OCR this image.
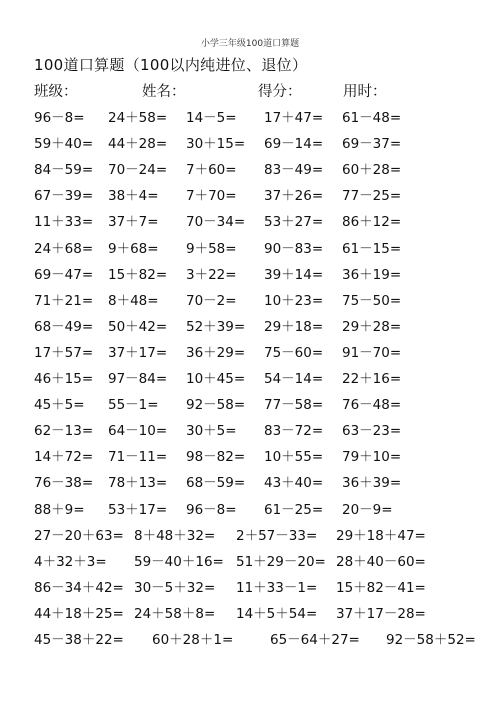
小学三年级100道口算题
100道口算题（100以内纯进位、退位）
班级：	姓名：	得分：	用时：
96－8= 24＋58= 14－5= 17＋47= 61－48=
59＋40= 44＋28= 30＋15= 69－14= 69－37=
84－59= 70－24= 7＋60= 83－49= 60＋28=
67－39= 38＋4= 7＋70= 37＋26= 77－25=
11＋33= 37＋7= 70－34= 53＋27= 86＋12=
24＋68= 9＋68= 9＋58= 90－83= 61－15=
69－47= 15＋82= 3＋22= 39＋14= 36＋19=
71＋21= 8＋48= 70－2= 10＋23= 75－50=
68－49= 50＋42= 52＋39= 29＋18= 29＋28=
17＋57= 37＋17= 36＋29= 75－60= 91－70=
46＋15= 97－84= 10＋45= 54－14= 22＋16=
45＋5= 55－1= 92－58= 77－58= 76－48=
62－13= 64－10= 30＋5= 83－72= 63－23=
14＋72= 71－11= 98－82= 10＋55= 79＋10=
76－38= 78＋13= 68－59= 43＋40= 36＋39=
88＋9= 53＋17= 96－8= 61－25= 20－9=
27－20＋63= 8＋48＋32= 2＋57－33= 29＋18＋47=
4＋32＋3= 59－40＋16= 51＋29－20= 28＋40－60=
86－34＋42= 30－5＋32= 11＋33－1= 15＋82－41=
44＋18＋25= 24＋58＋8= 14＋5＋54= 37＋17－28=
45－38＋22= 60＋28＋1=	65－64＋27= 92－58＋52=
